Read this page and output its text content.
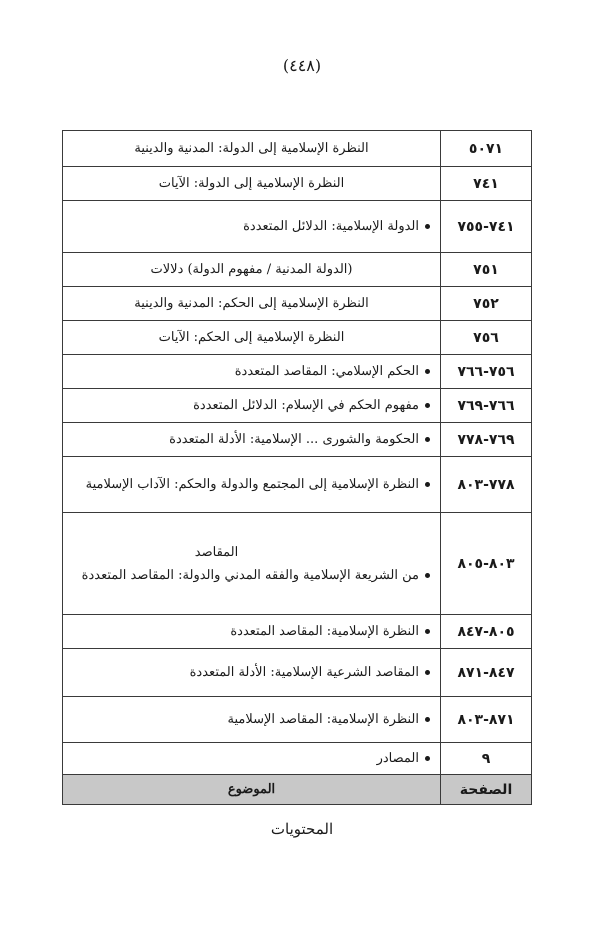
(٤٤٨)
٥٠٧١	النظرة الإسلامية إلى الدولة: المدنية والدينية
٧٤١	النظرة الإسلامية إلى الدولة: الآيات
٧٤١-٧٥٥	الدولة الإسلامية: الدلائل المتعددة
٧٥١	(الدولة المدنية / مفهوم الدولة) دلالات
٧٥٢	النظرة الإسلامية إلى الحكم: المدنية والدينية
٧٥٦	النظرة الإسلامية إلى الحكم: الآيات
٧٥٦-٧٦٦	الحكم الإسلامي: المقاصد المتعددة
٧٦٦-٧٦٩	مفهوم الحكم في الإسلام: الدلائل المتعددة
٧٦٩-٧٧٨	الحكومة والشورى ... الإسلامية: الأدلة المتعددة
٧٧٨-٨٠٣	النظرة الإسلامية إلى المجتمع والدولة والحكم: الآداب الإسلامية
٨٠٣-٨٠٥	المقاصد
من الشريعة الإسلامية والفقه المدني والدولة: المقاصد المتعددة
٨٠٥-٨٤٧	النظرة الإسلامية: المقاصد المتعددة
٨٤٧-٨٧١	المقاصد الشرعية الإسلامية: الأدلة المتعددة
٨٧١-٨٠٣	النظرة الإسلامية: المقاصد الإسلامية
٩	المصادر
الصفحة	الموضوع
المحتويات
